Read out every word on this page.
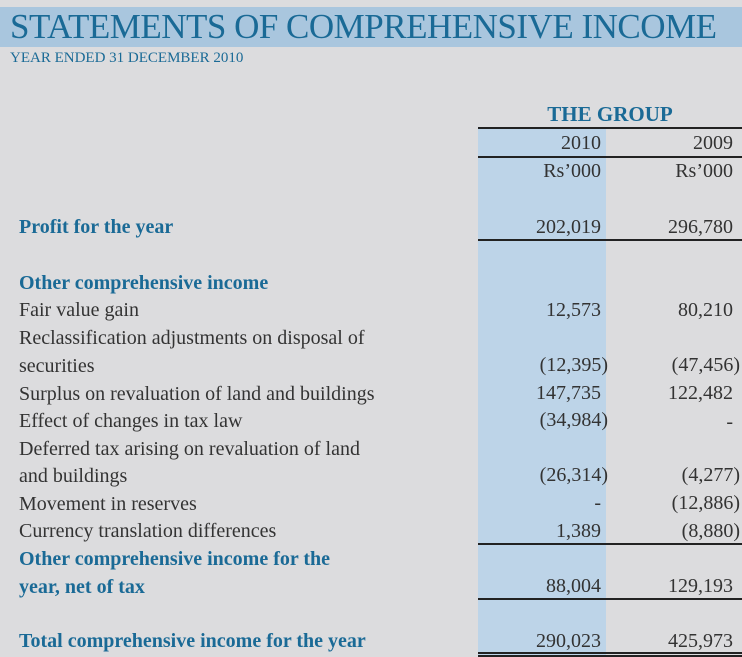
STATEMENTS OF COMPREHENSIVE INCOME
YEAR ENDED 31 DECEMBER 2010
THE GROUP
2010	2009
Rs’000	Rs’000
Profit for the year	202,019	296,780
Other comprehensive income
Fair value gain	12,573	80,210
Reclassification adjustments on disposal of
securities	(12,395)	(47,456)
Surplus on revaluation of land and buildings	147,735	122,482
Effect of changes in tax law	(34,984)	-
Deferred tax arising on revaluation of land
and buildings	(26,314)	(4,277)
Movement in reserves	-	(12,886)
Currency translation differences	1,389	(8,880)
Other comprehensive income for the
year, net of tax	88,004	129,193
Total comprehensive income for the year	290,023	425,973
